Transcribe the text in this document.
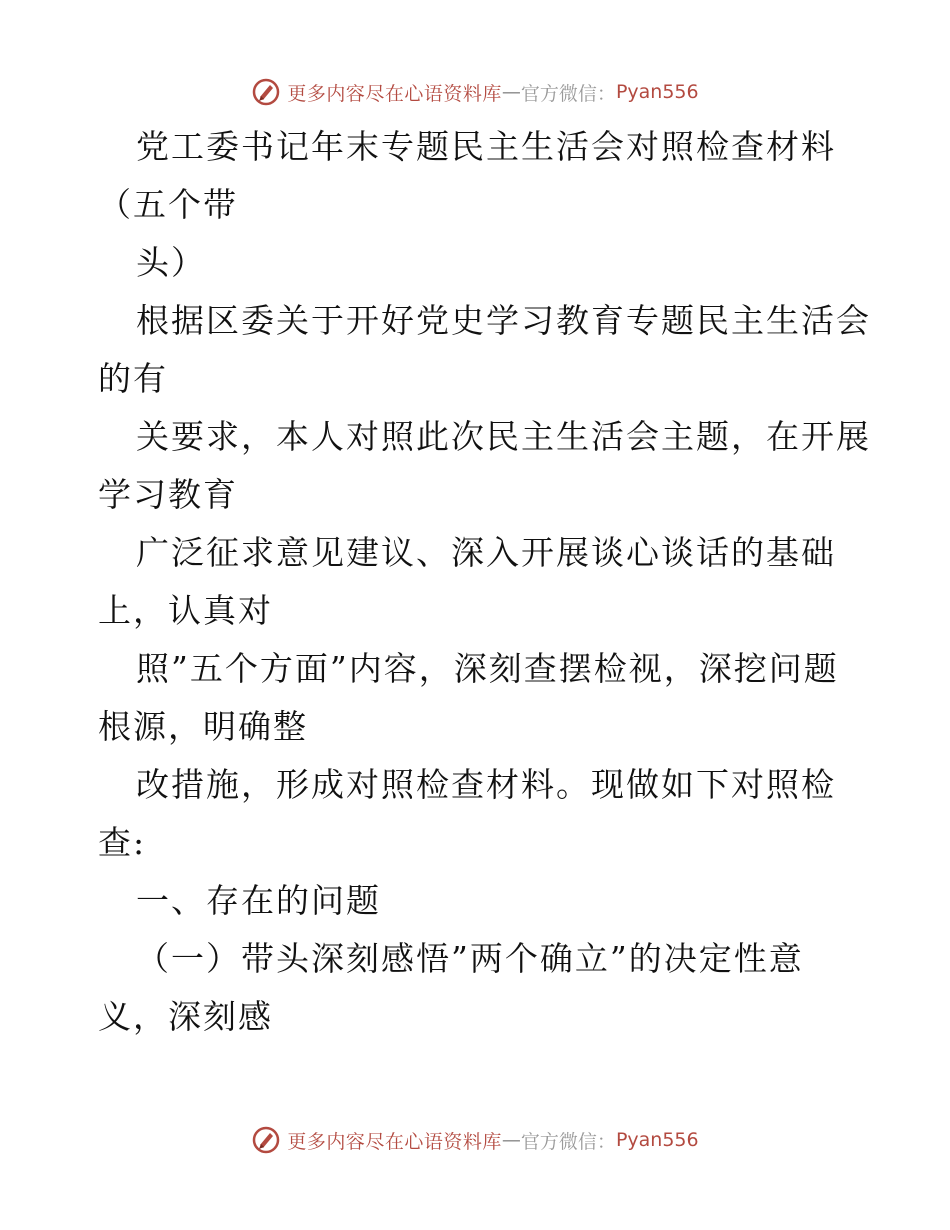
更多内容尽在心语资料库 — 官方微信： Pyan556
党工委书记年末专题民主生活会对照检查材料
（五个带
头）
根据区委关于开好党史学习教育专题民主生活会
的有
关要求，本人对照此次民主生活会主题，在开展
学习教育
广泛征求意见建议、深入开展谈心谈话的基础
上，认真对
照”五个方面”内容，深刻查摆检视，深挖问题
根源，明确整
改措施，形成对照检查材料。现做如下对照检
查:
一、存在的问题
（一）带头深刻感悟”两个确立”的决定性意
义，深刻感
更多内容尽在心语资料库 — 官方微信： Pyan556
